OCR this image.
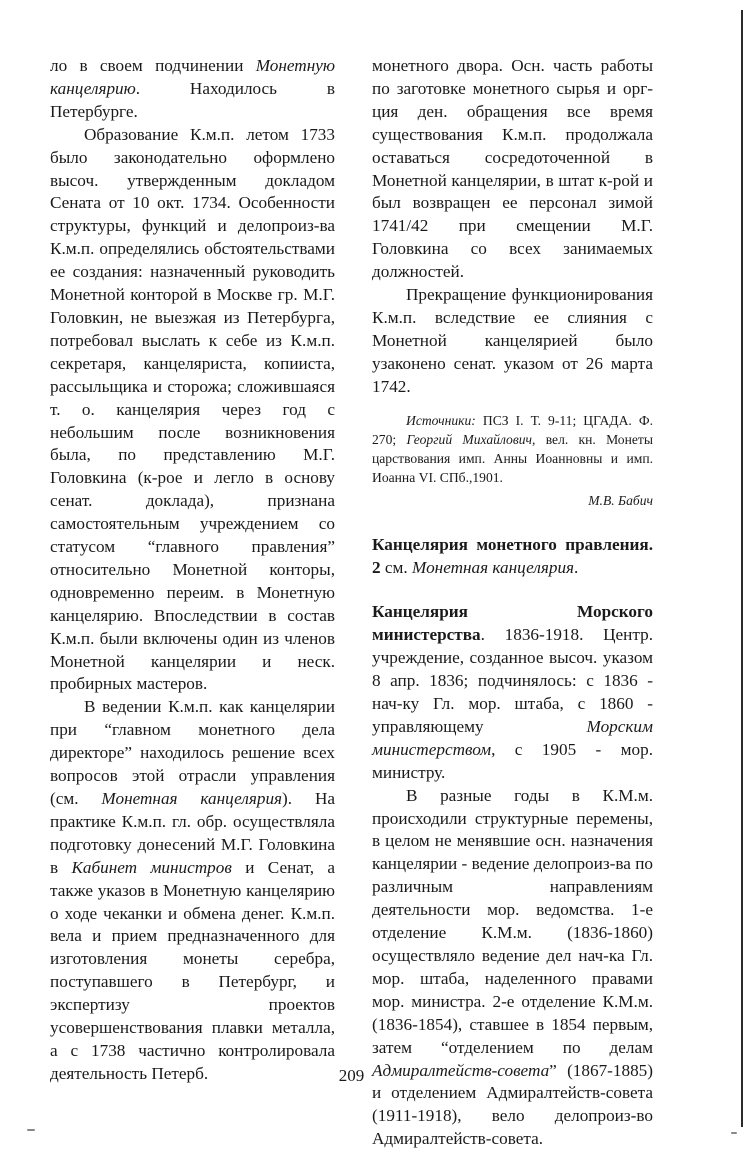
ло в своем подчинении Монетную канцелярию. Находилось в Петербурге.

Образование К.м.п. летом 1733 было законодательно оформлено высоч. утвержденным докладом Сената от 10 окт. 1734. Особенности структуры, функций и делопроиз-ва К.м.п. определялись обстоятельствами ее создания: назначенный руководить Монетной конторой в Москве гр. М.Г. Головкин, не выезжая из Петербурга, потребовал выслать к себе из К.м.п. секретаря, канцеляриста, копииста, рассыльщика и сторожа; сложившаяся т. о. канцелярия через год с небольшим после возникновения была, по представлению М.Г. Головкина (к-рое и легло в основу сенат. доклада), признана самостоятельным учреждением со статусом “главного правления” относительно Монетной конторы, одновременно переим. в Монетную канцелярию. Впоследствии в состав К.м.п. были включены один из членов Монетной канцелярии и неск. пробирных мастеров.

В ведении К.м.п. как канцелярии при “главном монетного дела директоре” находилось решение всех вопросов этой отрасли управления (см. Монетная канцелярия). На практике К.м.п. гл. обр. осуществляла подготовку донесений М.Г. Головкина в Кабинет министров и Сенат, а также указов в Монетную канцелярию о ходе чеканки и обмена денег. К.м.п. вела и прием предназначенного для изготовления монеты серебра, поступавшего в Петербург, и экспертизу проектов усовершенствования плавки металла, а с 1738 частично контролировала деятельность Петерб.

монетного двора. Осн. часть работы по заготовке монетного сырья и орг-ция ден. обращения все время существования К.м.п. продолжала оставаться сосредоточенной в Монетной канцелярии, в штат к-рой и был возвращен ее персонал зимой 1741/42 при смещении М.Г. Головкина со всех занимаемых должностей.

Прекращение функционирования К.м.п. вследствие ее слияния с Монетной канцелярией было узаконено сенат. указом от 26 марта 1742.

Источники: ПСЗ I. Т. 9-11; ЦГАДА. Ф. 270; Георгий Михайлович, вел. кн. Монеты царствования имп. Анны Иоанновны и имп. Иоанна VI. СПб.,1901.

М.В. Бабич

Канцелярия монетного правления. 2 см. Монетная канцелярия.

Канцелярия Морского министерства. 1836-1918. Центр. учреждение, созданное высоч. указом 8 апр. 1836; подчинялось: с 1836 - нач-ку Гл. мор. штаба, с 1860 - управляющему Морским министерством, с 1905 - мор. министру.

В разные годы в К.М.м. происходили структурные перемены, в целом не менявшие осн. назначения канцелярии - ведение делопроиз-ва по различным направлениям деятельности мор. ведомства. 1-е отделение К.М.м. (1836-1860) осуществляло ведение дел нач-ка Гл. мор. штаба, наделенного правами мор. министра. 2-е отделение К.М.м. (1836-1854), ставшее в 1854 первым, затем “отделением по делам Адмиралтейств-совета” (1867-1885) и отделением Адмиралтейств-совета (1911-1918), вело делопроиз-во Адмиралтейств-совета.

209
